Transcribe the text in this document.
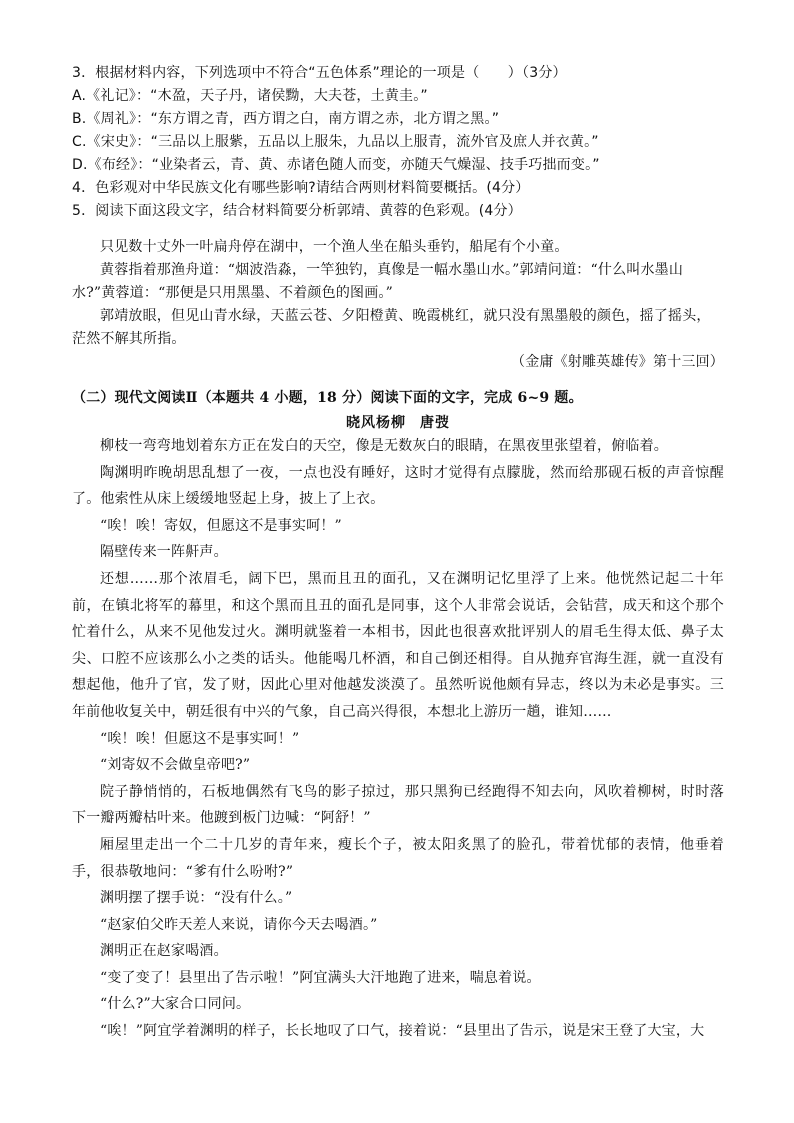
3．根据材料内容，下列选项中不符合“五色体系”理论的一项是（　　）（3分）
A.《礼记》：“木盈，天子丹，诸侯黝，大夫苍，土黄圭。”
B.《周礼》：“东方谓之青，西方谓之白，南方谓之赤，北方谓之黑。”
C.《宋史》：“三品以上服紫，五品以上服朱，九品以上服青，流外官及庶人并衣黄。”
D.《布经》：“业染者云，青、黄、赤诸色随人而变，亦随天气燥湿、技手巧拙而变。”
4．色彩观对中华民族文化有哪些影响?请结合两则材料简要概括。(4分）
5．阅读下面这段文字，结合材料简要分析郭靖、黄蓉的色彩观。(4分）

只见数十丈外一叶扁舟停在湖中，一个渔人坐在船头垂钓，船尾有个小童。

黄蓉指着那渔舟道：“烟波浩淼，一竿独钓，真像是一幅水墨山水。”郭靖问道：“什么叫水墨山水?”黄蓉道：“那便是只用黑墨、不着颜色的图画。”

郭靖放眼，但见山青水绿，天蓝云苍、夕阳橙黄、晚霞桃红，就只没有黑墨般的颜色，摇了摇头，茫然不解其所指。

（金庸《射雕英雄传》第十三回）

（二）现代文阅读Ⅱ（本题共 4 小题，18 分）阅读下面的文字，完成 6~9 题。
晓风杨柳 唐弢

柳枝一弯弯地划着东方正在发白的天空，像是无数灰白的眼睛，在黑夜里张望着，俯临着。

陶渊明昨晚胡思乱想了一夜，一点也没有睡好，这时才觉得有点朦胧，然而给那砚石板的声音惊醒了。他索性从床上缓缓地竖起上身，披上了上衣。

“唉！唉！寄奴，但愿这不是事实呵！”

隔壁传来一阵鼾声。

还想……那个浓眉毛，阔下巴，黑而且丑的面孔，又在渊明记忆里浮了上来。他恍然记起二十年前，在镇北将军的幕里，和这个黑而且丑的面孔是同事，这个人非常会说话，会钻营，成天和这个那个忙着什么，从来不见他发过火。渊明就鉴着一本相书，因此也很喜欢批评别人的眉毛生得太低、鼻子太尖、口腔不应该那么小之类的话头。他能喝几杯酒，和自己倒还相得。自从抛弃官海生涯，就一直没有想起他，他升了官，发了财，因此心里对他越发淡漠了。虽然听说他颇有异志，终以为未必是事实。三年前他收复关中，朝廷很有中兴的气象，自己高兴得很，本想北上游历一趟，谁知……

“唉！唉！但愿这不是事实呵！”

“刘寄奴不会做皇帝吧?”

院子静悄悄的，石板地偶然有飞鸟的影子掠过，那只黑狗已经跑得不知去向，风吹着柳树，时时落下一瓣两瓣枯叶来。他踱到板门边喊：“阿舒！”

厢屋里走出一个二十几岁的青年来，瘦长个子，被太阳炙黑了的脸孔，带着忧郁的表情，他垂着手，很恭敬地问：“爹有什么吩咐?”

渊明摆了摆手说：“没有什么。”

“赵家伯父昨天差人来说，请你今天去喝酒。”

渊明正在赵家喝酒。

“变了变了！县里出了告示啦！”阿宜满头大汗地跑了进来，喘息着说。

“什么?”大家合口同问。

“唉！”阿宜学着渊明的样子，长长地叹了口气，接着说：“县里出了告示，说是宋王登了大宝，大
